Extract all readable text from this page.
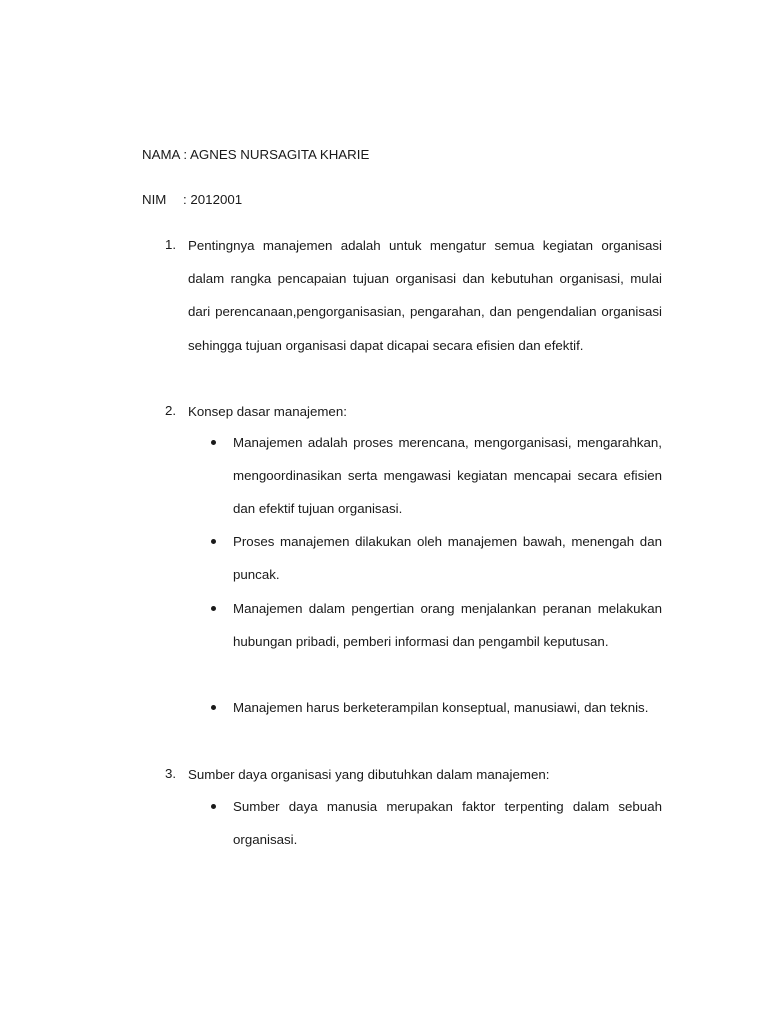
NAMA : AGNES NURSAGITA KHARIE
NIM : 2012001
1. Pentingnya manajemen adalah untuk mengatur semua kegiatan organisasi dalam rangka pencapaian tujuan organisasi dan kebutuhan organisasi, mulai dari perencanaan,pengorganisasian, pengarahan, dan pengendalian organisasi sehingga tujuan organisasi dapat dicapai secara efisien dan efektif.
2. Konsep dasar manajemen:
Manajemen adalah proses merencana, mengorganisasi, mengarahkan, mengoordinasikan serta mengawasi kegiatan mencapai secara efisien dan efektif tujuan organisasi.
Proses manajemen dilakukan oleh manajemen bawah, menengah dan puncak.
Manajemen dalam pengertian orang menjalankan peranan melakukan hubungan pribadi, pemberi informasi dan pengambil keputusan.
Manajemen harus berketerampilan konseptual, manusiawi, dan teknis.
3. Sumber daya organisasi yang dibutuhkan dalam manajemen:
Sumber daya manusia merupakan faktor terpenting dalam sebuah organisasi.
